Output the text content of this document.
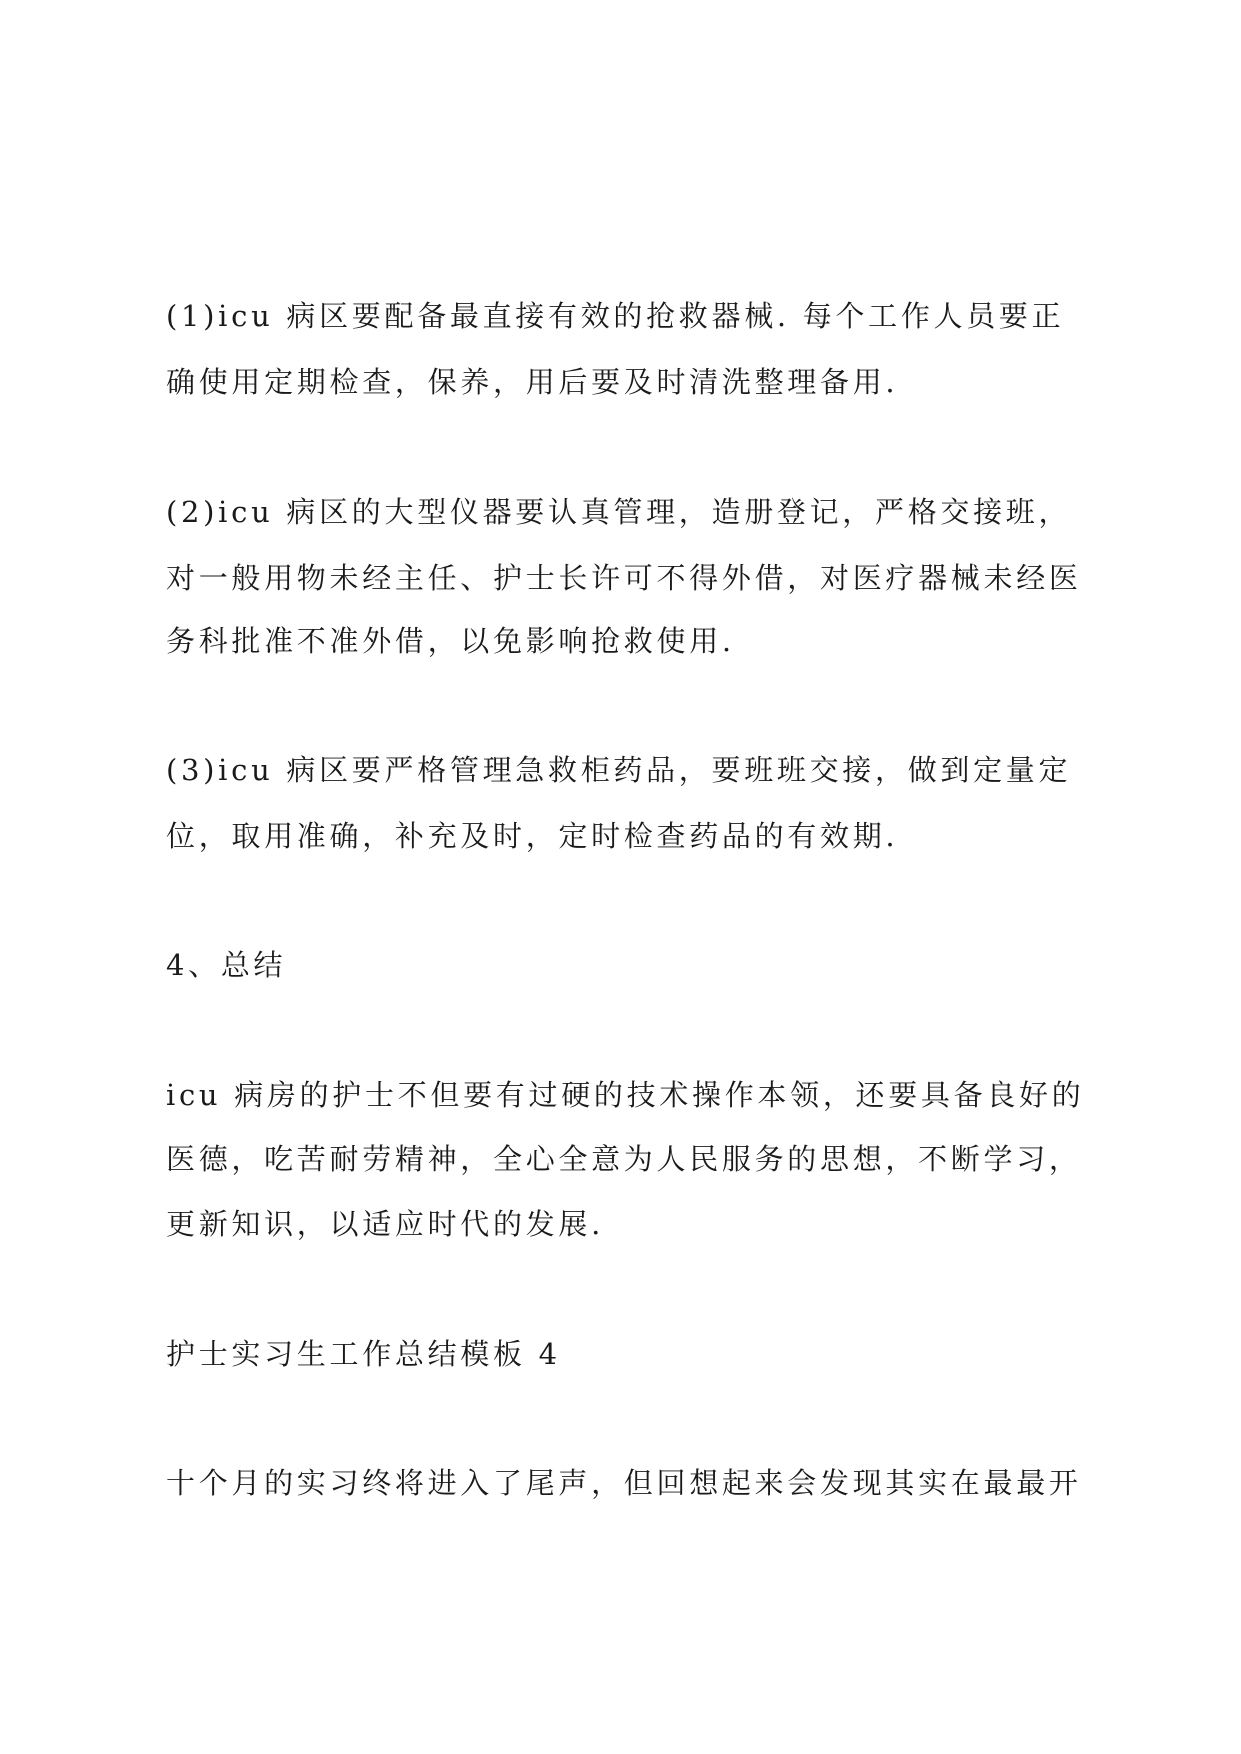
(1)icu 病区要配备最直接有效的抢救器械. 每个工作人员要正

确使用定期检查，保养，用后要及时清洗整理备用.

(2)icu 病区的大型仪器要认真管理，造册登记，严格交接班，

对一般用物未经主任、护士长许可不得外借，对医疗器械未经医

务科批准不准外借，以免影响抢救使用.

(3)icu 病区要严格管理急救柜药品，要班班交接，做到定量定

位，取用准确，补充及时，定时检查药品的有效期.

4、总结

icu 病房的护士不但要有过硬的技术操作本领，还要具备良好的

医德，吃苦耐劳精神，全心全意为人民服务的思想，不断学习，

更新知识，以适应时代的发展.

护士实习生工作总结模板 4

十个月的实习终将进入了尾声，但回想起来会发现其实在最最开
